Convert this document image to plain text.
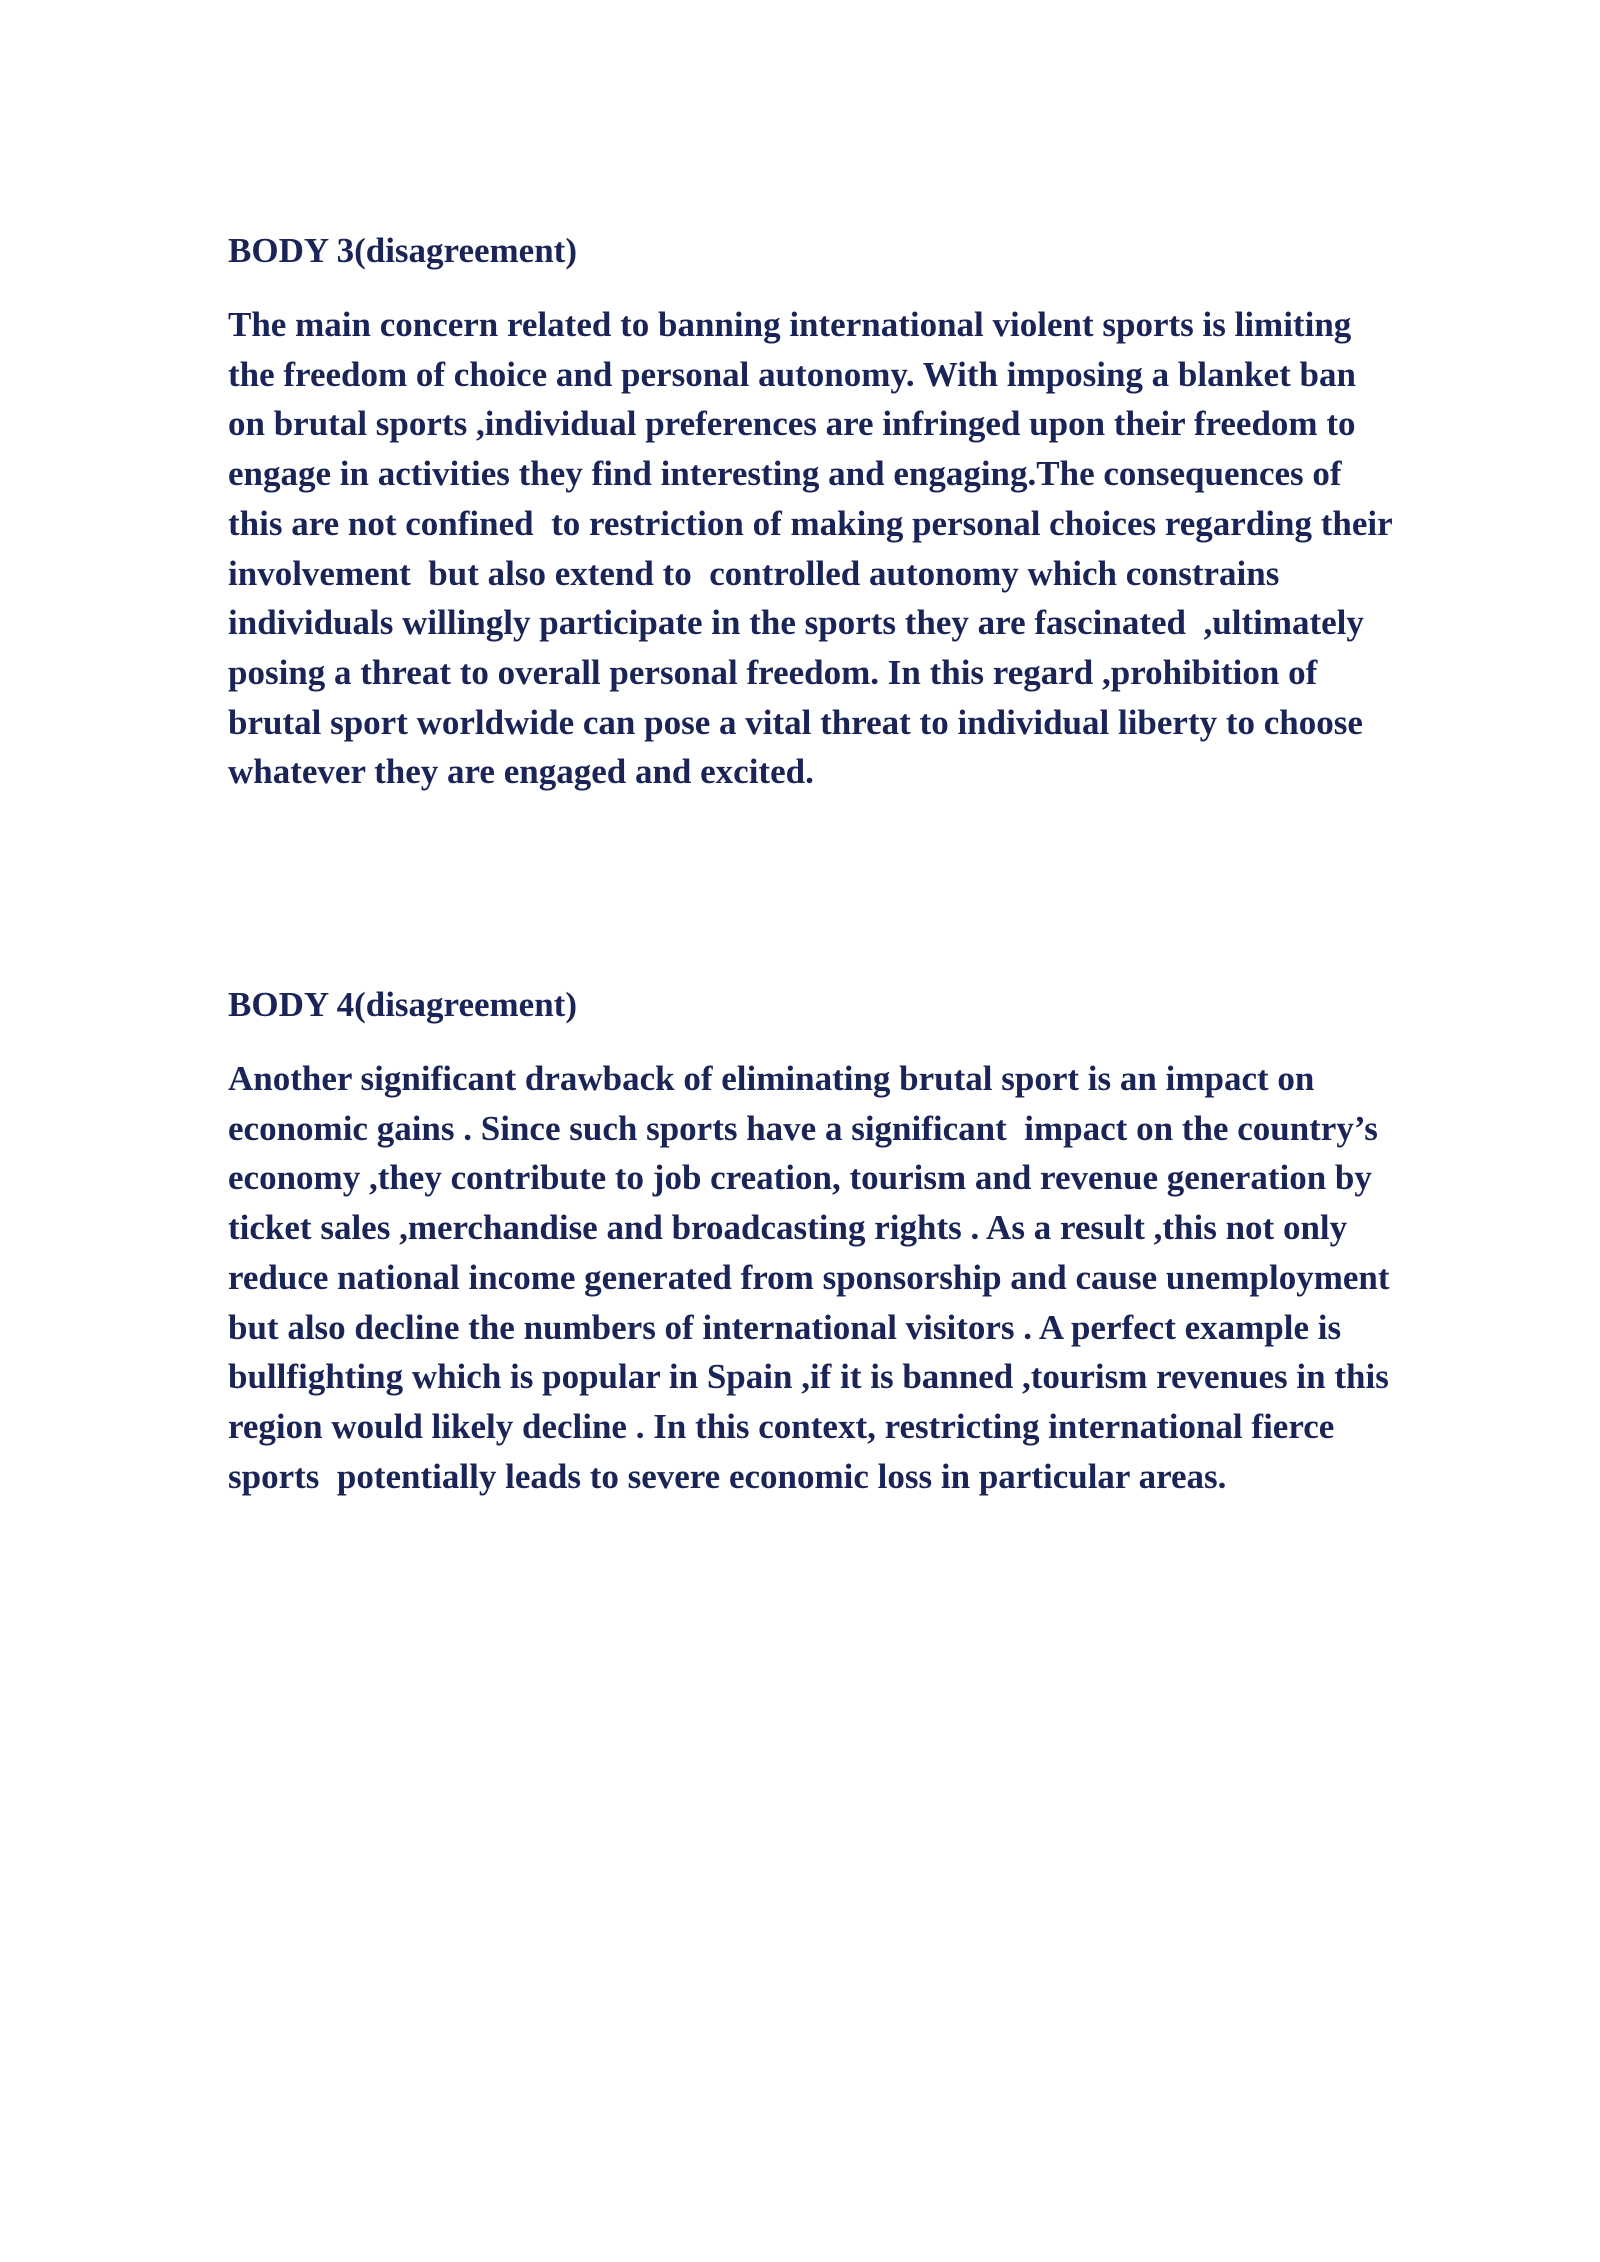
BODY 3(disagreement)

The main concern related to banning international violent sports is limiting
the freedom of choice and personal autonomy. With imposing a blanket ban
on brutal sports ,individual preferences are infringed upon their freedom to
engage in activities they find interesting and engaging.The consequences of
this are not confined  to restriction of making personal choices regarding their
involvement  but also extend to  controlled autonomy which constrains
individuals willingly participate in the sports they are fascinated  ,ultimately
posing a threat to overall personal freedom. In this regard ,prohibition of
brutal sport worldwide can pose a vital threat to individual liberty to choose
whatever they are engaged and excited.

BODY 4(disagreement)

Another significant drawback of eliminating brutal sport is an impact on
economic gains . Since such sports have a significant  impact on the country’s
economy ,they contribute to job creation, tourism and revenue generation by
ticket sales ,merchandise and broadcasting rights . As a result ,this not only
reduce national income generated from sponsorship and cause unemployment
but also decline the numbers of international visitors . A perfect example is
bullfighting which is popular in Spain ,if it is banned ,tourism revenues in this
region would likely decline . In this context, restricting international fierce
sports  potentially leads to severe economic loss in particular areas.
